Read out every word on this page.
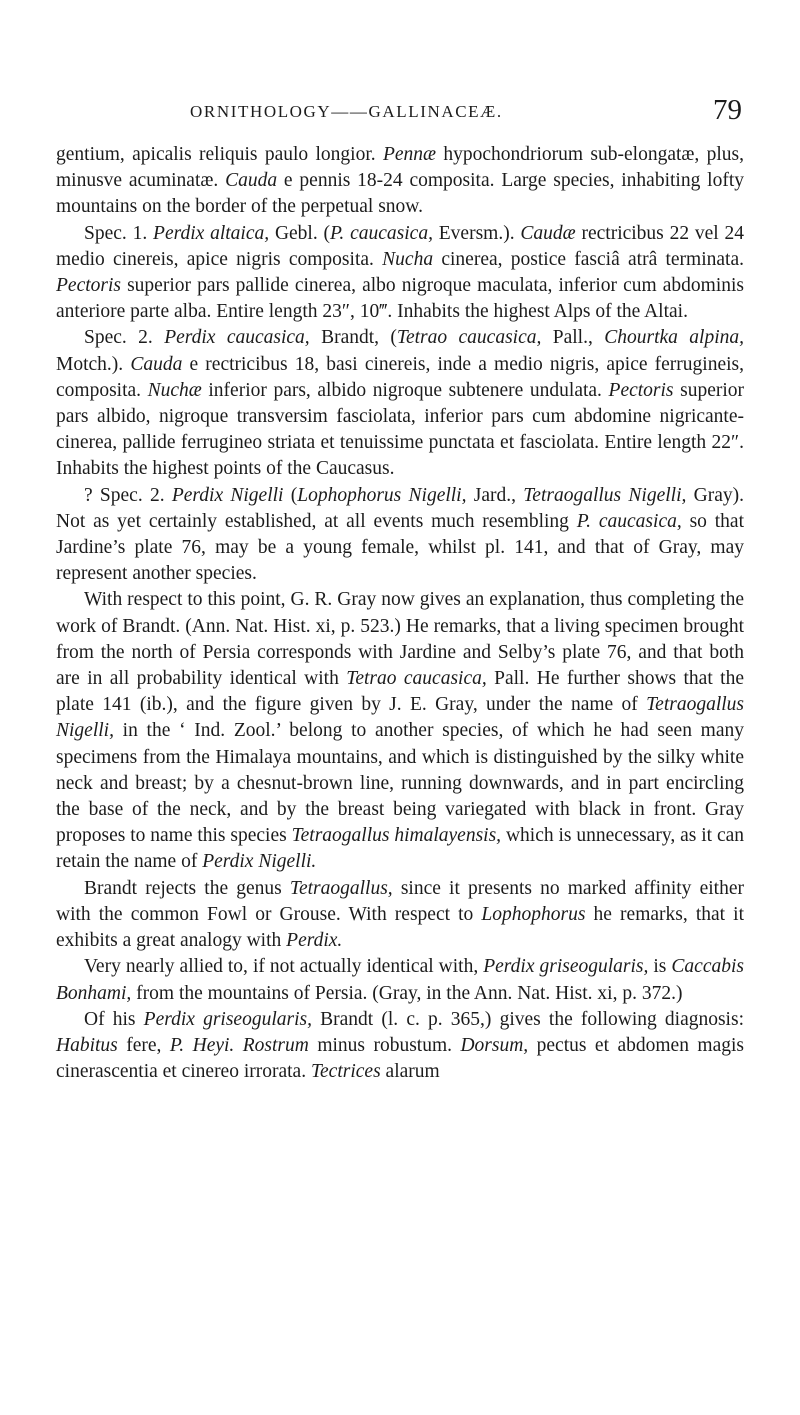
ORNITHOLOGY——GALLINACEÆ.	79

gentium, apicalis reliquis paulo longior. Pennæ hypochondriorum sub-elongatæ, plus, minusve acuminatæ. Cauda e pennis 18-24 composita. Large species, inhabiting lofty mountains on the border of the perpetual snow.

Spec. 1. Perdix altaica, Gebl. (P. caucasica, Eversm.). Caudæ rectricibus 22 vel 24 medio cinereis, apice nigris composita. Nucha cinerea, postice fasciâ atrâ terminata. Pectoris superior pars pallide cinerea, albo nigroque maculata, inferior cum abdominis anteriore parte alba. Entire length 23″, 10‴. Inhabits the highest Alps of the Altai.

Spec. 2. Perdix caucasica, Brandt, (Tetrao caucasica, Pall., Chourtka alpina, Motch.). Cauda e rectricibus 18, basi cinereis, inde a medio nigris, apice ferrugineis, composita. Nuchæ inferior pars, albido nigroque subtenere undulata. Pectoris superior pars albido, nigroque transversim fasciolata, inferior pars cum abdomine nigricante-cinerea, pallide ferrugineo striata et tenuissime punctata et fasciolata. Entire length 22″. Inhabits the highest points of the Caucasus.

? Spec. 2. Perdix Nigelli (Lophophorus Nigelli, Jard., Tetraogallus Nigelli, Gray). Not as yet certainly established, at all events much resembling P. caucasica, so that Jardine’s plate 76, may be a young female, whilst pl. 141, and that of Gray, may represent another species.

With respect to this point, G. R. Gray now gives an explanation, thus completing the work of Brandt. (Ann. Nat. Hist. xi, p. 523.) He remarks, that a living specimen brought from the north of Persia corresponds with Jardine and Selby’s plate 76, and that both are in all probability identical with Tetrao caucasica, Pall. He further shows that the plate 141 (ib.), and the figure given by J. E. Gray, under the name of Tetraogallus Nigelli, in the ‘ Ind. Zool.’ belong to another species, of which he had seen many specimens from the Himalaya mountains, and which is distinguished by the silky white neck and breast; by a chesnut-brown line, running downwards, and in part encircling the base of the neck, and by the breast being variegated with black in front. Gray proposes to name this species Tetraogallus himalayensis, which is unnecessary, as it can retain the name of Perdix Nigelli.

Brandt rejects the genus Tetraogallus, since it presents no marked affinity either with the common Fowl or Grouse. With respect to Lophophorus he remarks, that it exhibits a great analogy with Perdix.

Very nearly allied to, if not actually identical with, Perdix griseogularis, is Caccabis Bonhami, from the mountains of Persia. (Gray, in the Ann. Nat. Hist. xi, p. 372.)

Of his Perdix griseogularis, Brandt (l. c. p. 365,) gives the following diagnosis: Habitus fere, P. Heyi. Rostrum minus robustum. Dorsum, pectus et abdomen magis cinerascentia et cinereo irrorata. Tectrices alarum
